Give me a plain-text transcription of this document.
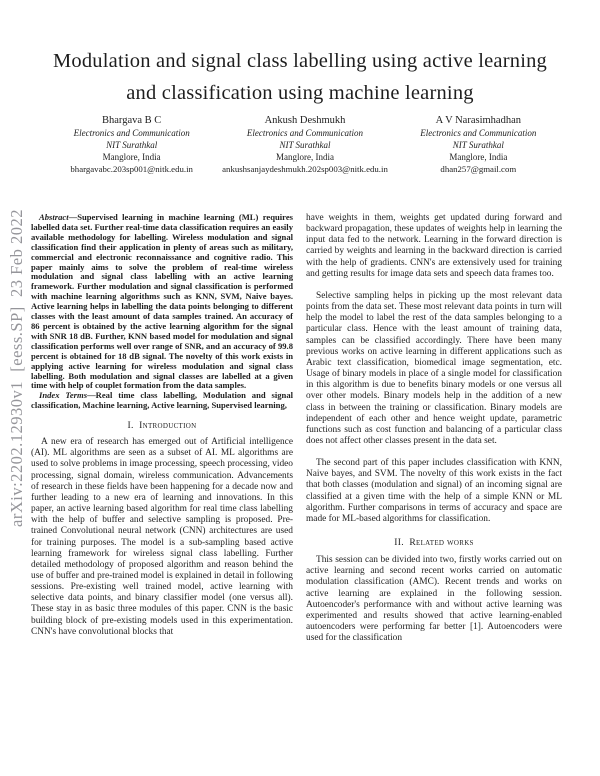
arXiv:2202.12930v1  [eess.SP]  23 Feb 2022
Modulation and signal class labelling using active learning and classification using machine learning
Bhargava B C
Electronics and Communication
NIT Surathkal
Manglore, India
bhargavabc.203sp001@nitk.edu.in
Ankush Deshmukh
Electronics and Communication
NIT Surathkal
Manglore, India
ankushsanjaydeshmukh.202sp003@nitk.edu.in
A V Narasimhadhan
Electronics and Communication
NIT Surathkal
Manglore, India
dhan257@gmail.com

Abstract—Supervised learning in machine learning (ML) requires labelled data set. Further real-time data classification requires an easily available methodology for labelling. Wireless modulation and signal classification find their application in plenty of areas such as military, commercial and electronic reconnaissance and cognitive radio. This paper mainly aims to solve the problem of real-time wireless modulation and signal class labelling with an active learning framework. Further modulation and signal classification is performed with machine learning algorithms such as KNN, SVM, Naive bayes. Active learning helps in labelling the data points belonging to different classes with the least amount of data samples trained. An accuracy of 86 percent is obtained by the active learning algorithm for the signal with SNR 18 dB. Further, KNN based model for modulation and signal classification performs well over range of SNR, and an accuracy of 99.8 percent is obtained for 18 dB signal. The novelty of this work exists in applying active learning for wireless modulation and signal class labelling. Both modulation and signal classes are labelled at a given time with help of couplet formation from the data samples.

Index Terms—Real time class labelling, Modulation and signal classification, Machine learning, Active learning, Supervised learning,

I.  Introduction

A new era of research has emerged out of Artificial intelligence (AI). ML algorithms are seen as a subset of AI. ML algorithms are used to solve problems in image processing, speech processing, video processing, signal domain, wireless communication. Advancements of research in these fields have been happening for a decade now and further leading to a new era of learning and innovations. In this paper, an active learning based algorithm for real time class labelling with the help of buffer and selective sampling is proposed. Pre-trained Convolutional neural network (CNN) architectures are used for training purposes. The model is a sub-sampling based active learning framework for wireless signal class labelling. Further detailed methodology of proposed algorithm and reason behind the use of buffer and pre-trained model is explained in detail in following sessions. Pre-existing well trained model, active learning with selective data points, and binary classifier model (one versus all). These stay in as basic three modules of this paper. CNN is the basic building block of pre-existing models used in this experimentation. CNN's have convolutional blocks that

have weights in them, weights get updated during forward and backward propagation, these updates of weights help in learning the input data fed to the network. Learning in the forward direction is carried by weights and learning in the backward direction is carried with the help of gradients. CNN's are extensively used for training and getting results for image data sets and speech data frames too.

Selective sampling helps in picking up the most relevant data points from the data set. These most relevant data points in turn will help the model to label the rest of the data samples belonging to a particular class. Hence with the least amount of training data, samples can be classified accordingly. There have been many previous works on active learning in different applications such as Arabic text classification, biomedical image segmentation, etc. Usage of binary models in place of a single model for classification in this algorithm is due to benefits binary models or one versus all over other models. Binary models help in the addition of a new class in between the training or classification. Binary models are independent of each other and hence weight update, parametric functions such as cost function and balancing of a particular class does not affect other classes present in the data set.

The second part of this paper includes classification with KNN, Naive bayes, and SVM. The novelty of this work exists in the fact that both classes (modulation and signal) of an incoming signal are classified at a given time with the help of a simple KNN or ML algorithm. Further comparisons in terms of accuracy and space are made for ML-based algorithms for classification.

II.  Related works

This session can be divided into two, firstly works carried out on active learning and second recent works carried on automatic modulation classification (AMC). Recent trends and works on active learning are explained in the following session. Autoencoder's performance with and without active learning was experimented and results showed that active learning-enabled autoencoders were performing far better [1]. Autoencoders were used for the classification
